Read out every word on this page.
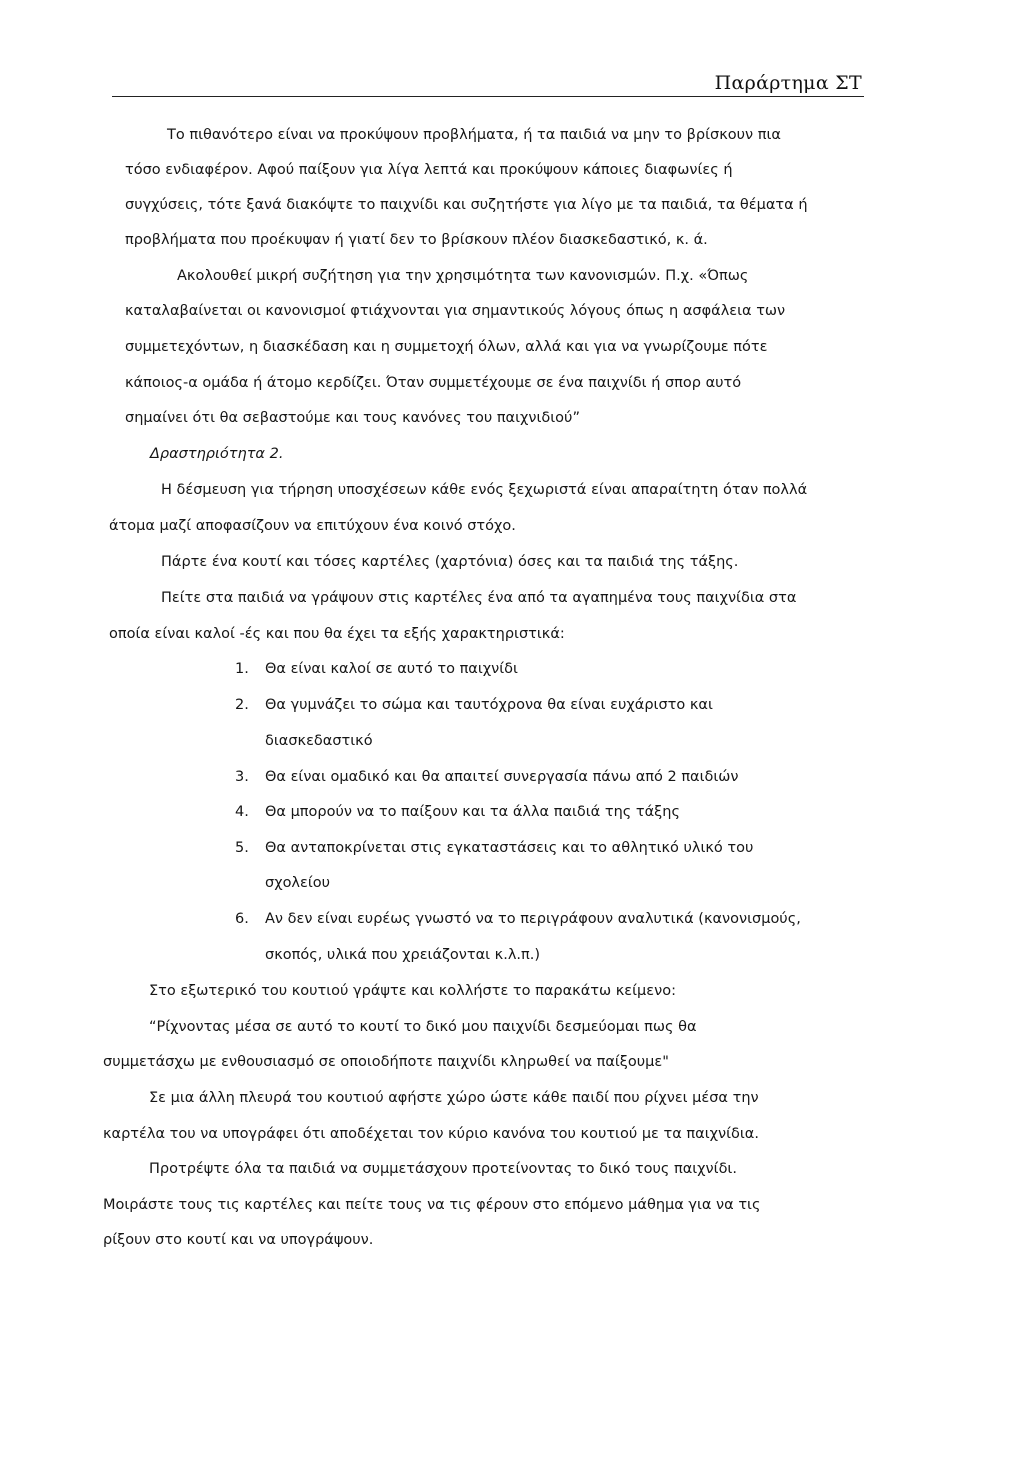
Παράρτημα ΣΤ
Το πιθανότερο είναι να προκύψουν προβλήματα, ή τα παιδιά να μην το βρίσκουν πια
τόσο ενδιαφέρον. Αφού παίξουν για λίγα λεπτά και προκύψουν κάποιες διαφωνίες ή
συγχύσεις, τότε ξανά διακόψτε το παιχνίδι και συζητήστε για λίγο με τα παιδιά, τα θέματα ή
προβλήματα που προέκυψαν ή γιατί δεν το βρίσκουν πλέον διασκεδαστικό, κ. ά.
Ακολουθεί μικρή συζήτηση για την χρησιμότητα των κανονισμών. Π.χ. «Όπως
καταλαβαίνεται οι κανονισμοί φτιάχνονται για σημαντικούς λόγους όπως η ασφάλεια των
συμμετεχόντων, η διασκέδαση και η συμμετοχή όλων, αλλά και για να γνωρίζουμε πότε
κάποιος-α ομάδα ή άτομο κερδίζει. Όταν συμμετέχουμε σε ένα παιχνίδι ή σπορ αυτό
σημαίνει ότι θα σεβαστούμε και τους κανόνες του παιχνιδιού”
Δραστηριότητα 2.
Η δέσμευση για τήρηση υποσχέσεων κάθε ενός ξεχωριστά είναι απαραίτητη όταν πολλά
άτομα μαζί αποφασίζουν να επιτύχουν ένα κοινό στόχο.
Πάρτε ένα κουτί και τόσες καρτέλες (χαρτόνια) όσες και τα παιδιά της τάξης.
Πείτε στα παιδιά να γράψουν στις καρτέλες ένα από τα αγαπημένα τους παιχνίδια στα
οποία είναι καλοί -ές και που θα έχει τα εξής χαρακτηριστικά:
1. Θα είναι καλοί σε αυτό το παιχνίδι
2. Θα γυμνάζει το σώμα και ταυτόχρονα θα είναι ευχάριστο και
διασκεδαστικό
3. Θα είναι ομαδικό και θα απαιτεί συνεργασία πάνω από 2 παιδιών
4. Θα μπορούν να το παίξουν και τα άλλα παιδιά της τάξης
5. Θα ανταποκρίνεται στις εγκαταστάσεις και το αθλητικό υλικό του
σχολείου
6. Αν δεν είναι ευρέως γνωστό να το περιγράφουν αναλυτικά (κανονισμούς,
σκοπός, υλικά που χρειάζονται κ.λ.π.)
Στο εξωτερικό του κουτιού γράψτε και κολλήστε το παρακάτω κείμενο:
“Ρίχνοντας μέσα σε αυτό το κουτί το δικό μου παιχνίδι δεσμεύομαι πως θα
συμμετάσχω με ενθουσιασμό σε οποιοδήποτε παιχνίδι κληρωθεί να παίξουμε"
Σε μια άλλη πλευρά του κουτιού αφήστε χώρο ώστε κάθε παιδί που ρίχνει μέσα την
καρτέλα του να υπογράφει ότι αποδέχεται τον κύριο κανόνα του κουτιού με τα παιχνίδια.
Προτρέψτε όλα τα παιδιά να συμμετάσχουν προτείνοντας το δικό τους παιχνίδι.
Μοιράστε τους τις καρτέλες και πείτε τους να τις φέρουν στο επόμενο μάθημα για να τις
ρίξουν στο κουτί και να υπογράψουν.
